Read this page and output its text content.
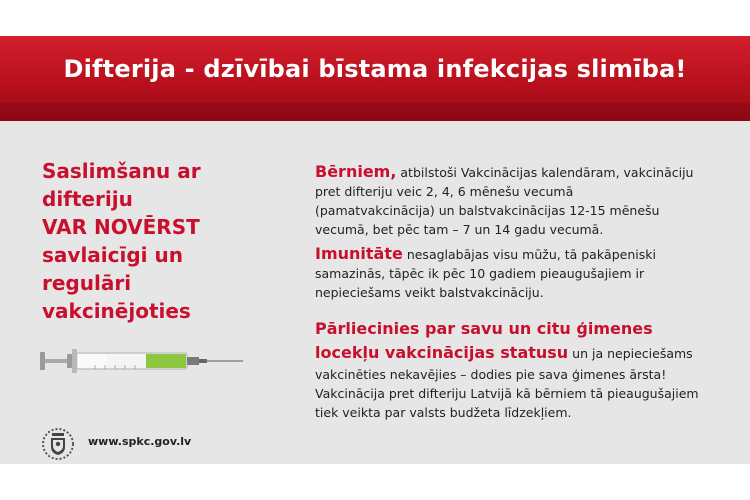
Difterija - dzīvībai bīstama infekcijas slimība!
Saslimšanu ar
difteriju
VAR NOVĒRST
savlaicīgi un
regulāri
vakcinējoties
www.spkc.gov.lv
Bērniem, atbilstoši Vakcinācijas kalendāram, vakcināciju pret difteriju veic 2, 4, 6 mēnešu vecumā (pamatvakcinācija) un balstvakcinācijas 12-15 mēnešu vecumā, bet pēc tam – 7 un 14 gadu vecumā.
Imunitāte nesaglabājas visu mūžu, tā pakāpeniski samazinās, tāpēc ik pēc 10 gadiem pieaugušajiem ir nepieciešams veikt balstvakcināciju.
Pārliecinies par savu un citu ģimenes locekļu vakcinācijas statusu un ja nepieciešams vakcinēties nekavējies – dodies pie sava ģimenes ārsta! Vakcinācija pret difteriju Latvijā kā bērniem tā pieaugušajiem tiek veikta par valsts budžeta līdzekļiem.
